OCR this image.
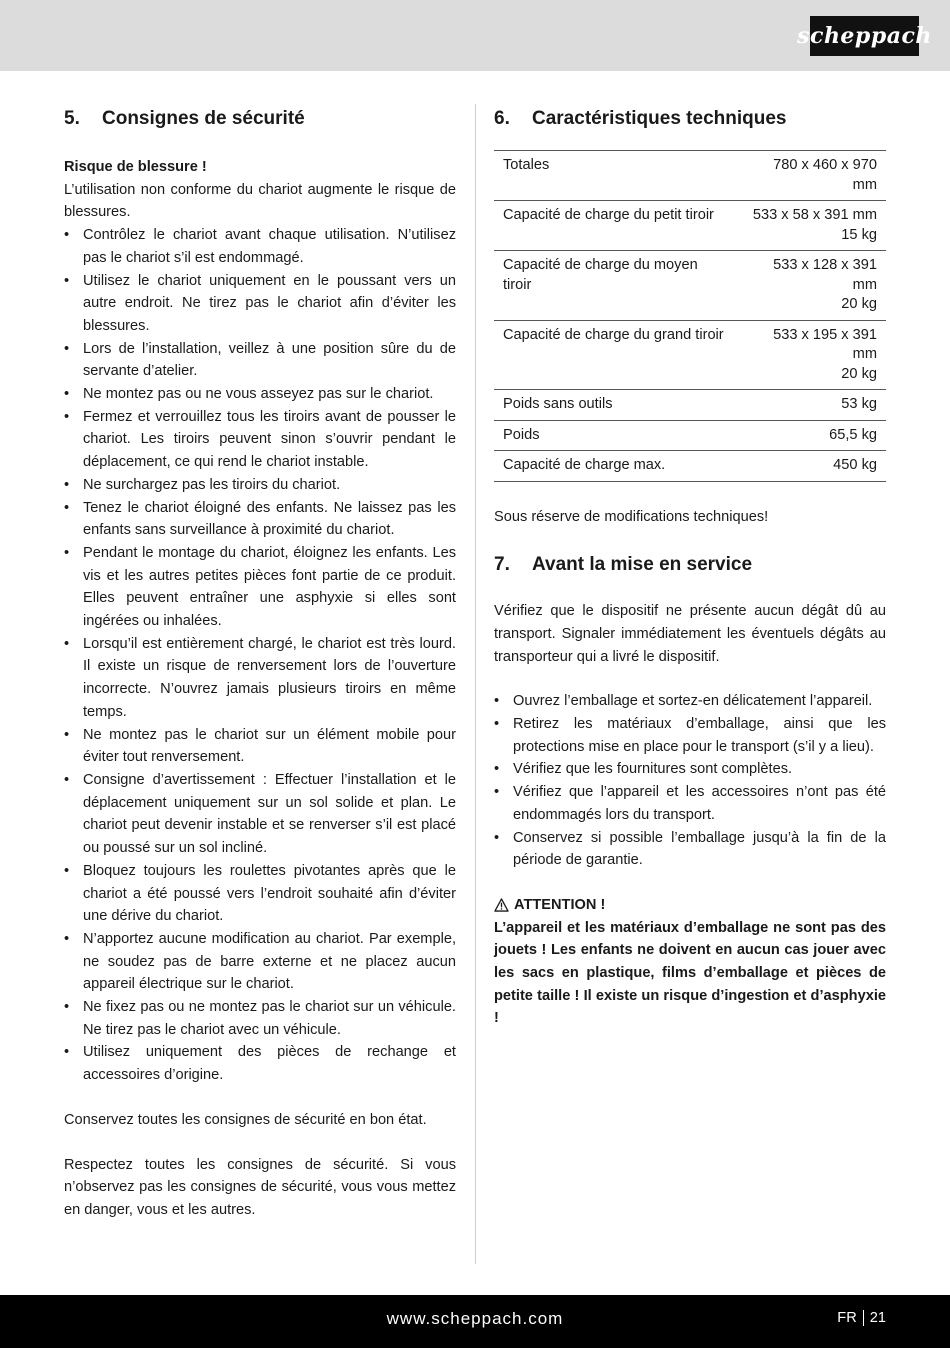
scheppach
5.	Consignes de sécurité
Risque de blessure !

L’utilisation non conforme du chariot augmente le risque de blessures.

• Contrôlez le chariot avant chaque utilisation. N’utilisez pas le chariot s’il est endommagé.
• Utilisez le chariot uniquement en le poussant vers un autre endroit. Ne tirez pas le chariot afin d’éviter les blessures.
• Lors de l’installation, veillez à une position sûre du de servante d’atelier.
• Ne montez pas ou ne vous asseyez pas sur le chariot.
• Fermez et verrouillez tous les tiroirs avant de pousser le chariot. Les tiroirs peuvent sinon s’ouvrir pendant le déplacement, ce qui rend le chariot instable.
• Ne surchargez pas les tiroirs du chariot.
• Tenez le chariot éloigné des enfants. Ne laissez pas les enfants sans surveillance à proximité du chariot.
• Pendant le montage du chariot, éloignez les enfants. Les vis et les autres petites pièces font partie de ce produit. Elles peuvent entraîner une asphyxie si elles sont ingérées ou inhalées.
• Lorsqu’il est entièrement chargé, le chariot est très lourd. Il existe un risque de renversement lors de l’ouverture incorrecte. N’ouvrez jamais plusieurs tiroirs en même temps.
• Ne montez pas le chariot sur un élément mobile pour éviter tout renversement.
• Consigne d’avertissement : Effectuer l’installation et le déplacement uniquement sur un sol solide et plan. Le chariot peut devenir instable et se renverser s’il est placé ou poussé sur un sol incliné.
• Bloquez toujours les roulettes pivotantes après que le chariot a été poussé vers l’endroit souhaité afin d’éviter une dérive du chariot.
• N’apportez aucune modification au chariot. Par exemple, ne soudez pas de barre externe et ne placez aucun appareil électrique sur le chariot.
• Ne fixez pas ou ne montez pas le chariot sur un véhicule. Ne tirez pas le chariot avec un véhicule.
• Utilisez uniquement des pièces de rechange et accessoires d’origine.

Conservez toutes les consignes de sécurité en bon état.

Respectez toutes les consignes de sécurité. Si vous n’observez pas les consignes de sécurité, vous vous mettez en danger, vous et les autres.

6.	Caractéristiques techniques
Totales	780 x 460 x 970 mm
Capacité de charge du petit tiroir	533 x 58 x 391 mm
15 kg
Capacité de charge du moyen tiroir	533 x 128 x 391 mm
20 kg
Capacité de charge du grand tiroir	533 x 195 x 391 mm
20 kg
Poids sans outils	53 kg
Poids	65,5 kg
Capacité de charge max.	450 kg

Sous réserve de modifications techniques!

7.	Avant la mise en service

Vérifiez que le dispositif ne présente aucun dégât dû au transport. Signaler immédiatement les éventuels dégâts au transporteur qui a livré le dispositif.

• Ouvrez l’emballage et sortez-en délicatement l’appareil.
• Retirez les matériaux d’emballage, ainsi que les protections mise en place pour le transport (s’il y a lieu).
• Vérifiez que les fournitures sont complètes.
• Vérifiez que l’appareil et les accessoires n’ont pas été endommagés lors du transport.
• Conservez si possible l’emballage jusqu’à la fin de la période de garantie.
ATTENTION !

L’appareil et les matériaux d’emballage ne sont pas des jouets ! Les enfants ne doivent en aucun cas jouer avec les sacs en plastique, films d’emballage et pièces de petite taille ! Il existe un risque d’ingestion et d’asphyxie !

www.scheppach.com	FR 21
